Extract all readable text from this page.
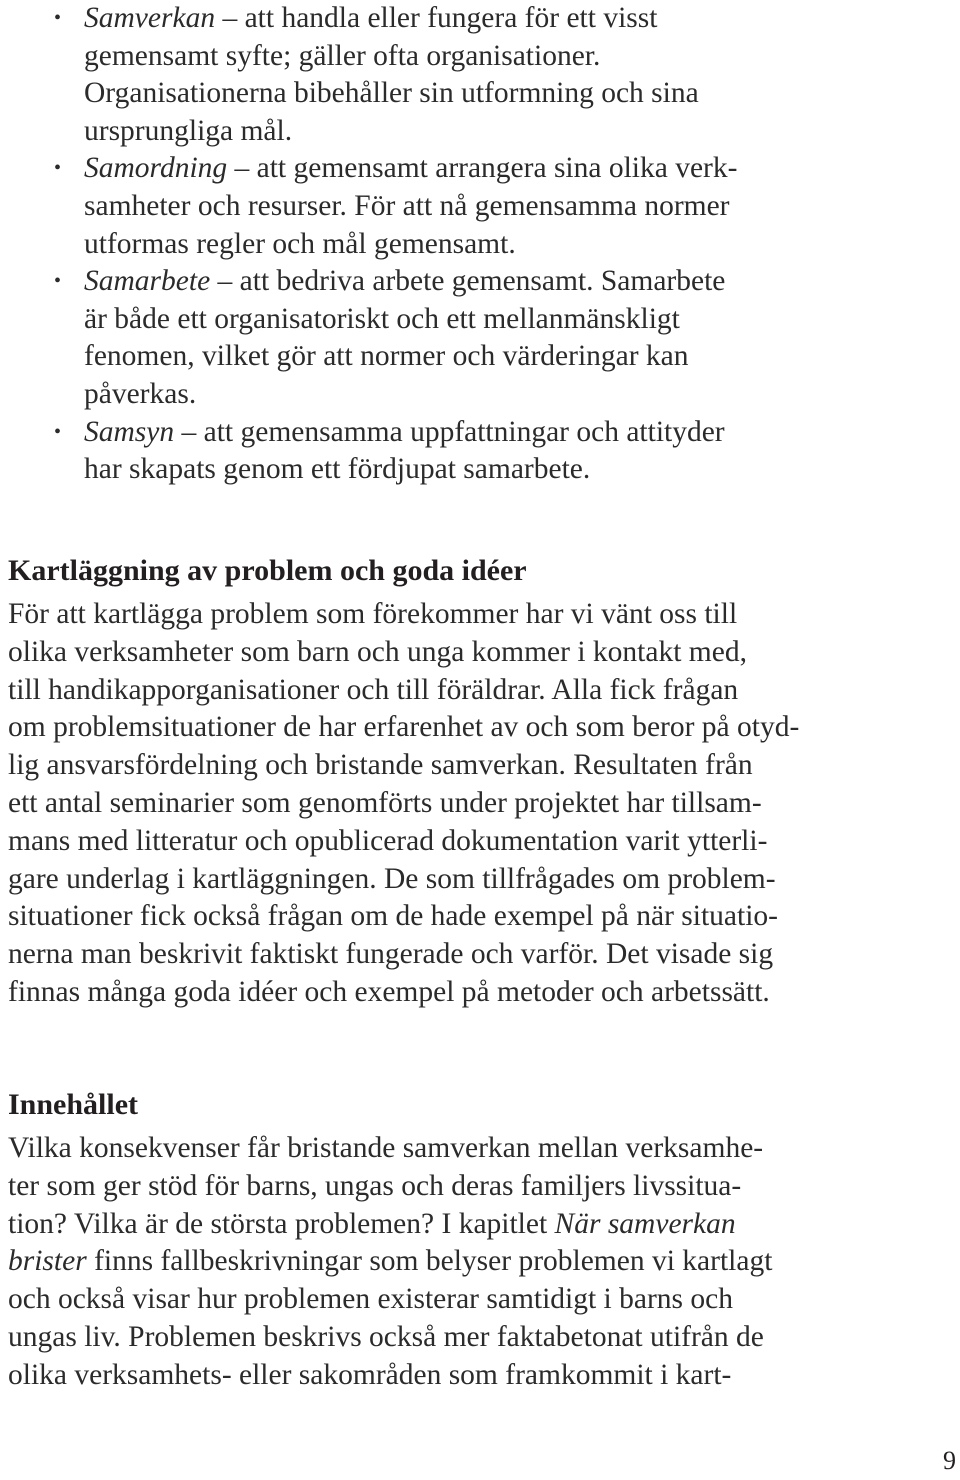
• Samverkan – att handla eller fungera för ett visst
gemensamt syfte; gäller ofta organisationer.
Organisationerna bibehåller sin utformning och sina
ursprungliga mål.
• Samordning – att gemensamt arrangera sina olika verk-
samheter och resurser. För att nå gemensamma normer
utformas regler och mål gemensamt.
• Samarbete – att bedriva arbete gemensamt. Samarbete
är både ett organisatoriskt och ett mellanmänskligt
fenomen, vilket gör att normer och värderingar kan
påverkas.
• Samsyn – att gemensamma uppfattningar och attityder
har skapats genom ett fördjupat samarbete.
Kartläggning av problem och goda idéer
För att kartlägga problem som förekommer har vi vänt oss till
olika verksamheter som barn och unga kommer i kontakt med,
till handikapporganisationer och till föräldrar. Alla fick frågan
om problemsituationer de har erfarenhet av och som beror på otyd-
lig ansvarsfördelning och bristande samverkan. Resultaten från
ett antal seminarier som genomförts under projektet har tillsam-
mans med litteratur och opublicerad dokumentation varit ytterli-
gare underlag i kartläggningen. De som tillfrågades om problem-
situationer fick också frågan om de hade exempel på när situatio-
nerna man beskrivit faktiskt fungerade och varför. Det visade sig
finnas många goda idéer och exempel på metoder och arbetssätt.
Innehållet
Vilka konsekvenser får bristande samverkan mellan verksamhe-
ter som ger stöd för barns, ungas och deras familjers livssitua-
tion? Vilka är de största problemen? I kapitlet När samverkan
brister finns fallbeskrivningar som belyser problemen vi kartlagt
och också visar hur problemen existerar samtidigt i barns och
ungas liv. Problemen beskrivs också mer faktabetonat utifrån de
olika verksamhets- eller sakområden som framkommit i kart-
9
